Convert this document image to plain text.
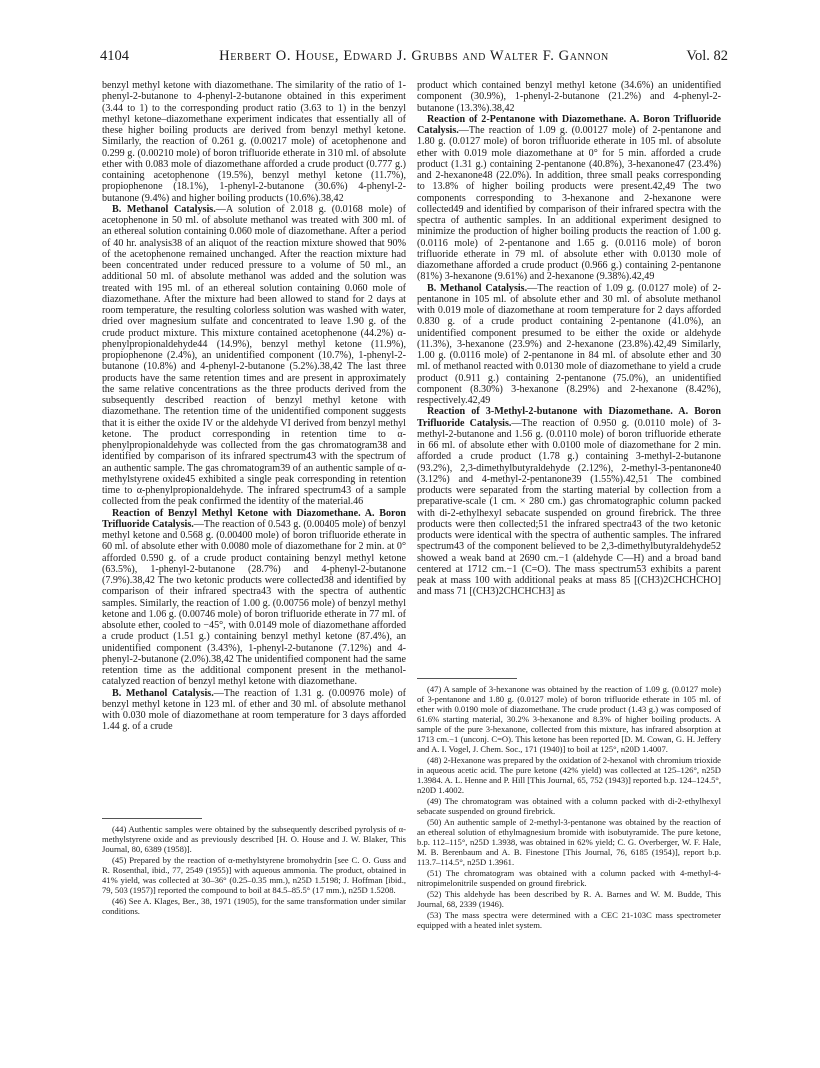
4104	Herbert O. House, Edward J. Grubbs and Walter F. Gannon	Vol. 82

benzyl methyl ketone with diazomethane. The similarity of the ratio of 1-phenyl-2-butanone to 4-phenyl-2-butanone obtained in this experiment (3.44 to 1) to the corresponding product ratio (3.63 to 1) in the benzyl methyl ketone–diazomethane experiment indicates that essentially all of these higher boiling products are derived from benzyl methyl ketone. Similarly, the reaction of 0.261 g. (0.00217 mole) of acetophenone and 0.299 g. (0.00210 mole) of boron trifluoride etherate in 310 ml. of absolute ether with 0.083 mole of diazomethane afforded a crude product (0.777 g.) containing acetophenone (19.5%), benzyl methyl ketone (11.7%), propiophenone (18.1%), 1-phenyl-2-butanone (30.6%) 4-phenyl-2-butanone (9.4%) and higher boiling products (10.6%).38,42

B. Methanol Catalysis.—A solution of 2.018 g. (0.0168 mole) of acetophenone in 50 ml. of absolute methanol was treated with 300 ml. of an ethereal solution containing 0.060 mole of diazomethane. After a period of 40 hr. analysis38 of an aliquot of the reaction mixture showed that 90% of the acetophenone remained unchanged. After the reaction mixture had been concentrated under reduced pressure to a volume of 50 ml., an additional 50 ml. of absolute methanol was added and the solution was treated with 195 ml. of an ethereal solution containing 0.060 mole of diazomethane. After the mixture had been allowed to stand for 2 days at room temperature, the resulting colorless solution was washed with water, dried over magnesium sulfate and concentrated to leave 1.90 g. of the crude product mixture. This mixture contained acetophenone (44.2%) α-phenylpropionaldehyde44 (14.9%), benzyl methyl ketone (11.9%), propiophenone (2.4%), an unidentified component (10.7%), 1-phenyl-2-butanone (10.8%) and 4-phenyl-2-butanone (5.2%).38,42 The last three products have the same retention times and are present in approximately the same relative concentrations as the three products derived from the subsequently described reaction of benzyl methyl ketone with diazomethane. The retention time of the unidentified component suggests that it is either the oxide IV or the aldehyde VI derived from benzyl methyl ketone. The product corresponding in retention time to α-phenylpropionaldehyde was collected from the gas chromatogram38 and identified by comparison of its infrared spectrum43 with the spectrum of an authentic sample. The gas chromatogram39 of an authentic sample of α-methylstyrene oxide45 exhibited a single peak corresponding in retention time to α-phenylpropionaldehyde. The infrared spectrum43 of a sample collected from the peak confirmed the identity of the material.46

Reaction of Benzyl Methyl Ketone with Diazomethane. A. Boron Trifluoride Catalysis.—The reaction of 0.543 g. (0.00405 mole) of benzyl methyl ketone and 0.568 g. (0.00400 mole) of boron trifluoride etherate in 60 ml. of absolute ether with 0.0080 mole of diazomethane for 2 min. at 0° afforded 0.590 g. of a crude product containing benzyl methyl ketone (63.5%), 1-phenyl-2-butanone (28.7%) and 4-phenyl-2-butanone (7.9%).38,42 The two ketonic products were collected38 and identified by comparison of their infrared spectra43 with the spectra of authentic samples. Similarly, the reaction of 1.00 g. (0.00756 mole) of benzyl methyl ketone and 1.06 g. (0.00746 mole) of boron trifluoride etherate in 77 ml. of absolute ether, cooled to −45°, with 0.0149 mole of diazomethane afforded a crude product (1.51 g.) containing benzyl methyl ketone (87.4%), an unidentified component (3.43%), 1-phenyl-2-butanone (7.12%) and 4-phenyl-2-butanone (2.0%).38,42 The unidentified component had the same retention time as the additional component present in the methanol-catalyzed reaction of benzyl methyl ketone with diazomethane.

B. Methanol Catalysis.—The reaction of 1.31 g. (0.00976 mole) of benzyl methyl ketone in 123 ml. of ether and 30 ml. of absolute methanol with 0.030 mole of diazomethane at room temperature for 3 days afforded 1.44 g. of a crude

product which contained benzyl methyl ketone (34.6%) an unidentified component (30.9%), 1-phenyl-2-butanone (21.2%) and 4-phenyl-2-butanone (13.3%).38,42

Reaction of 2-Pentanone with Diazomethane. A. Boron Trifluoride Catalysis.—The reaction of 1.09 g. (0.00127 mole) of 2-pentanone and 1.80 g. (0.0127 mole) of boron trifluoride etherate in 105 ml. of absolute ether with 0.019 mole diazomethane at 0° for 5 min. afforded a crude product (1.31 g.) containing 2-pentanone (40.8%), 3-hexanone47 (23.4%) and 2-hexanone48 (22.0%). In addition, three small peaks corresponding to 13.8% of higher boiling products were present.42,49 The two components corresponding to 3-hexanone and 2-hexanone were collected49 and identified by comparison of their infrared spectra with the spectra of authentic samples. In an additional experiment designed to minimize the production of higher boiling products the reaction of 1.00 g. (0.0116 mole) of 2-pentanone and 1.65 g. (0.0116 mole) of boron trifluoride etherate in 79 ml. of absolute ether with 0.0130 mole of diazomethane afforded a crude product (0.966 g.) containing 2-pentanone (81%) 3-hexanone (9.61%) and 2-hexanone (9.38%).42,49

B. Methanol Catalysis.—The reaction of 1.09 g. (0.0127 mole) of 2-pentanone in 105 ml. of absolute ether and 30 ml. of absolute methanol with 0.019 mole of diazomethane at room temperature for 2 days afforded 0.830 g. of a crude product containing 2-pentanone (41.0%), an unidentified component presumed to be either the oxide or aldehyde (11.3%), 3-hexanone (23.9%) and 2-hexanone (23.8%).42,49 Similarly, 1.00 g. (0.0116 mole) of 2-pentanone in 84 ml. of absolute ether and 30 ml. of methanol reacted with 0.0130 mole of diazomethane to yield a crude product (0.911 g.) containing 2-pentanone (75.0%), an unidentified component (8.30%) 3-hexanone (8.29%) and 2-hexanone (8.42%), respectively.42,49

Reaction of 3-Methyl-2-butanone with Diazomethane. A. Boron Trifluoride Catalysis.—The reaction of 0.950 g. (0.0110 mole) of 3-methyl-2-butanone and 1.56 g. (0.0110 mole) of boron trifluoride etherate in 66 ml. of absolute ether with 0.0100 mole of diazomethane for 2 min. afforded a crude product (1.78 g.) containing 3-methyl-2-butanone (93.2%), 2,3-dimethylbutyraldehyde (2.12%), 2-methyl-3-pentanone40 (3.12%) and 4-methyl-2-pentanone39 (1.55%).42,51 The combined products were separated from the starting material by collection from a preparative-scale (1 cm. × 280 cm.) gas chromatographic column packed with di-2-ethylhexyl sebacate suspended on ground firebrick. The three products were then collected;51 the infrared spectra43 of the two ketonic products were identical with the spectra of authentic samples. The infrared spectrum43 of the component believed to be 2,3-dimethylbutyraldehyde52 showed a weak band at 2690 cm.−1 (aldehyde C—H) and a broad band centered at 1712 cm.−1 (C=O). The mass spectrum53 exhibits a parent peak at mass 100 with additional peaks at mass 85 [(CH3)2CHCHCHO] and mass 71 [(CH3)2CHCHCH3] as

(44) Authentic samples were obtained by the subsequently described pyrolysis of α-methylstyrene oxide and as previously described [H. O. House and J. W. Blaker, This Journal, 80, 6389 (1958)].

(45) Prepared by the reaction of α-methylstyrene bromohydrin [see C. O. Guss and R. Rosenthal, ibid., 77, 2549 (1955)] with aqueous ammonia. The product, obtained in 41% yield, was collected at 30–36° (0.25–0.35 mm.), n25D 1.5198; J. Hoffman [ibid., 79, 503 (1957)] reported the compound to boil at 84.5–85.5° (17 mm.), n25D 1.5208.

(46) See A. Klages, Ber., 38, 1971 (1905), for the same transformation under similar conditions.

(47) A sample of 3-hexanone was obtained by the reaction of 1.09 g. (0.0127 mole) of 3-pentanone and 1.80 g. (0.0127 mole) of boron trifluoride etherate in 105 ml. of ether with 0.0190 mole of diazomethane. The crude product (1.43 g.) was composed of 61.6% starting material, 30.2% 3-hexanone and 8.3% of higher boiling products. A sample of the pure 3-hexanone, collected from this mixture, has infrared absorption at 1713 cm.−1 (unconj. C=O). This ketone has been reported [D. M. Cowan, G. H. Jeffery and A. I. Vogel, J. Chem. Soc., 171 (1940)] to boil at 125°, n20D 1.4007.

(48) 2-Hexanone was prepared by the oxidation of 2-hexanol with chromium trioxide in aqueous acetic acid. The pure ketone (42% yield) was collected at 125–126°, n25D 1.3984. A. L. Henne and P. Hill [This Journal, 65, 752 (1943)] reported b.p. 124–124.5°, n20D 1.4002.

(49) The chromatogram was obtained with a column packed with di-2-ethylhexyl sebacate suspended on ground firebrick.

(50) An authentic sample of 2-methyl-3-pentanone was obtained by the reaction of an ethereal solution of ethylmagnesium bromide with isobutyramide. The pure ketone, b.p. 112–115°, n25D 1.3938, was obtained in 62% yield; C. G. Overberger, W. F. Hale, M. B. Berenbaum and A. B. Finestone [This Journal, 76, 6185 (1954)], report b.p. 113.7–114.5°, n25D 1.3961.

(51) The chromatogram was obtained with a column packed with 4-methyl-4-nitropimelonitrile suspended on ground firebrick.

(52) This aldehyde has been described by R. A. Barnes and W. M. Budde, This Journal, 68, 2339 (1946).

(53) The mass spectra were determined with a CEC 21-103C mass spectrometer equipped with a heated inlet system.
